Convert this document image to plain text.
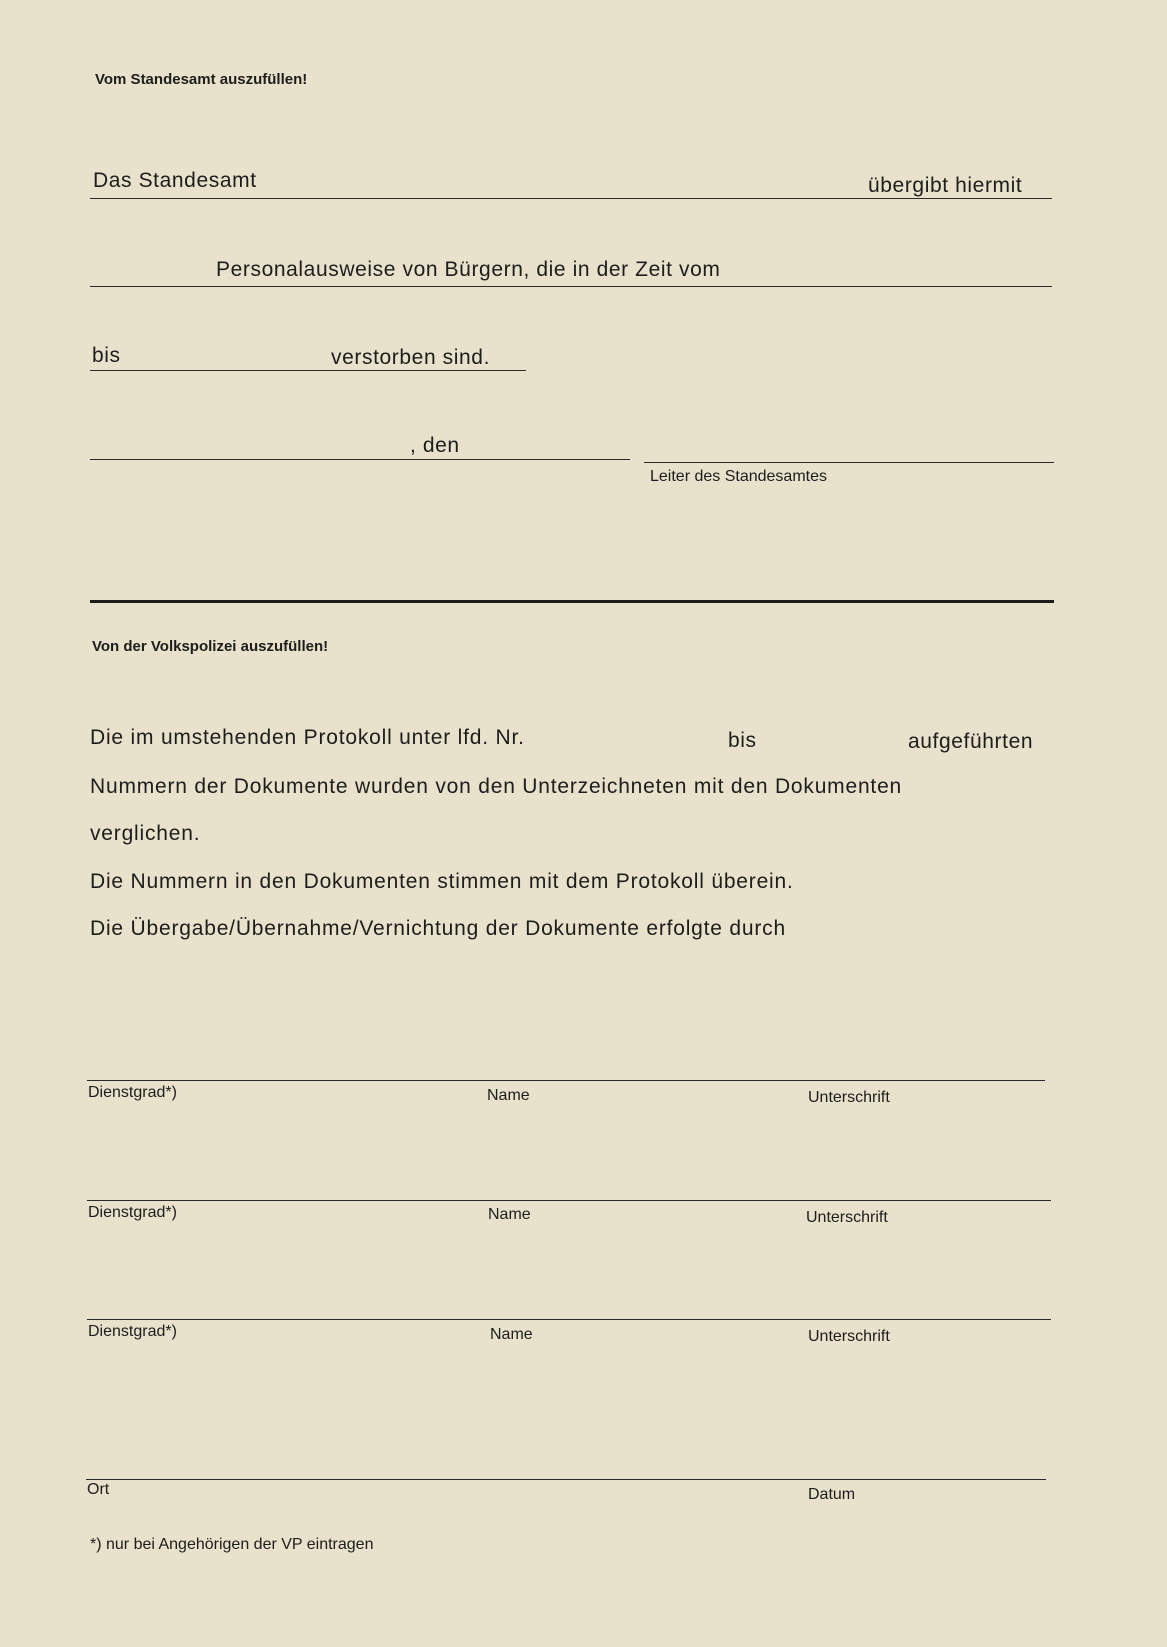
Vom Standesamt auszufüllen!
Das Standesamt	übergibt hiermit
Personalausweise von Bürgern, die in der Zeit vom
bis	verstorben sind.
, den
Leiter des Standesamtes
Von der Volkspolizei auszufüllen!
Die im umstehenden Protokoll unter lfd. Nr.	bis	aufgeführten
Nummern der Dokumente wurden von den Unterzeichneten mit den Dokumenten
verglichen.
Die Nummern in den Dokumenten stimmen mit dem Protokoll überein.
Die Übergabe/Übernahme/Vernichtung der Dokumente erfolgte durch
Dienstgrad*)	Name	Unterschrift
Dienstgrad*)	Name	Unterschrift
Dienstgrad*)	Name	Unterschrift
Ort	Datum
*) nur bei Angehörigen der VP eintragen
